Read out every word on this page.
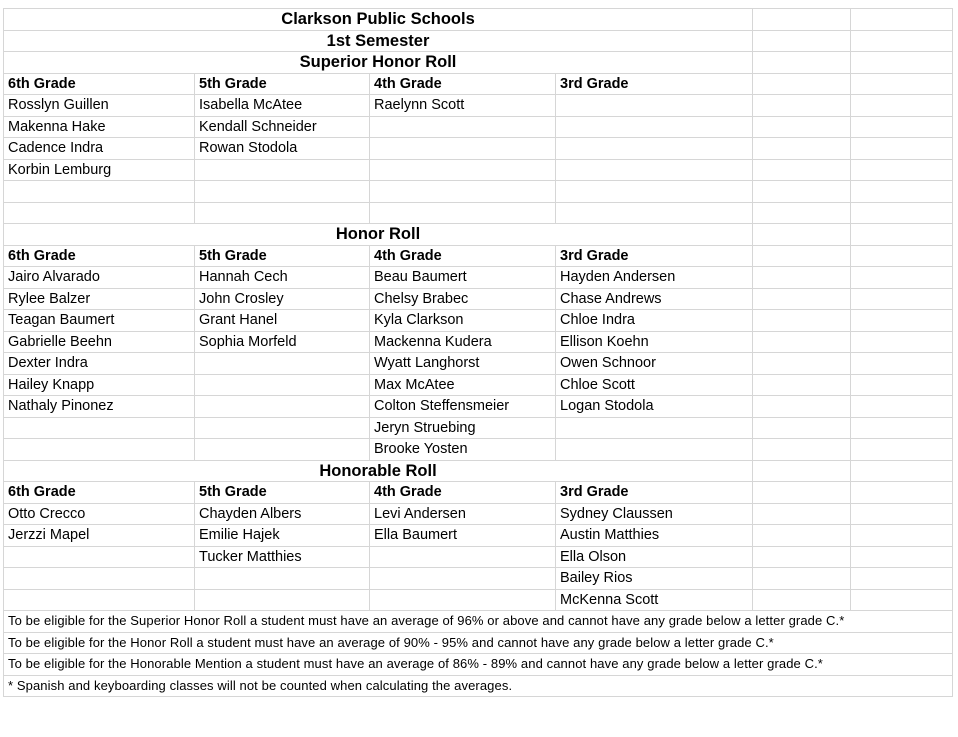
Clarkson Public Schools					
1st Semester					
Superior Honor Roll					
6th Grade	5th Grade	4th Grade	3rd Grade		
Rosslyn Guillen	Isabella McAtee	Raelynn Scott			
Makenna Hake	Kendall Schneider				
Cadence Indra	Rowan Stodola				
Korbin Lemburg					

Honor Roll					
6th Grade	5th Grade	4th Grade	3rd Grade		
Jairo Alvarado	Hannah Cech	Beau Baumert	Hayden Andersen		
Rylee Balzer	John Crosley	Chelsy Brabec	Chase Andrews		
Teagan Baumert	Grant Hanel	Kyla Clarkson	Chloe Indra		
Gabrielle Beehn	Sophia Morfeld	Mackenna Kudera	Ellison Koehn		
Dexter Indra		Wyatt Langhorst	Owen Schnoor		
Hailey Knapp		Max McAtee	Chloe Scott		
Nathaly Pinonez		Colton Steffensmeier	Logan Stodola		
		Jeryn Struebing			
		Brooke Yosten			
Honorable Roll					
6th Grade	5th Grade	4th Grade	3rd Grade		
Otto Crecco	Chayden Albers	Levi Andersen	Sydney Claussen		
Jerzzi Mapel	Emilie Hajek	Ella Baumert	Austin Matthies		
	Tucker Matthies		Ella Olson		
			Bailey Rios		
			McKenna Scott		
To be eligible for the Superior Honor Roll a student must have an average of 96% or above and cannot have any grade below a letter grade C.*					
To be eligible for the Honor Roll a student must have an average of 90% - 95% and cannot have any grade below a letter grade C.*					
To be eligible for the Honorable Mention a student must have an average of 86% - 89% and cannot have any grade below a letter grade C.*					
* Spanish and keyboarding classes will not be counted when calculating the averages.					
